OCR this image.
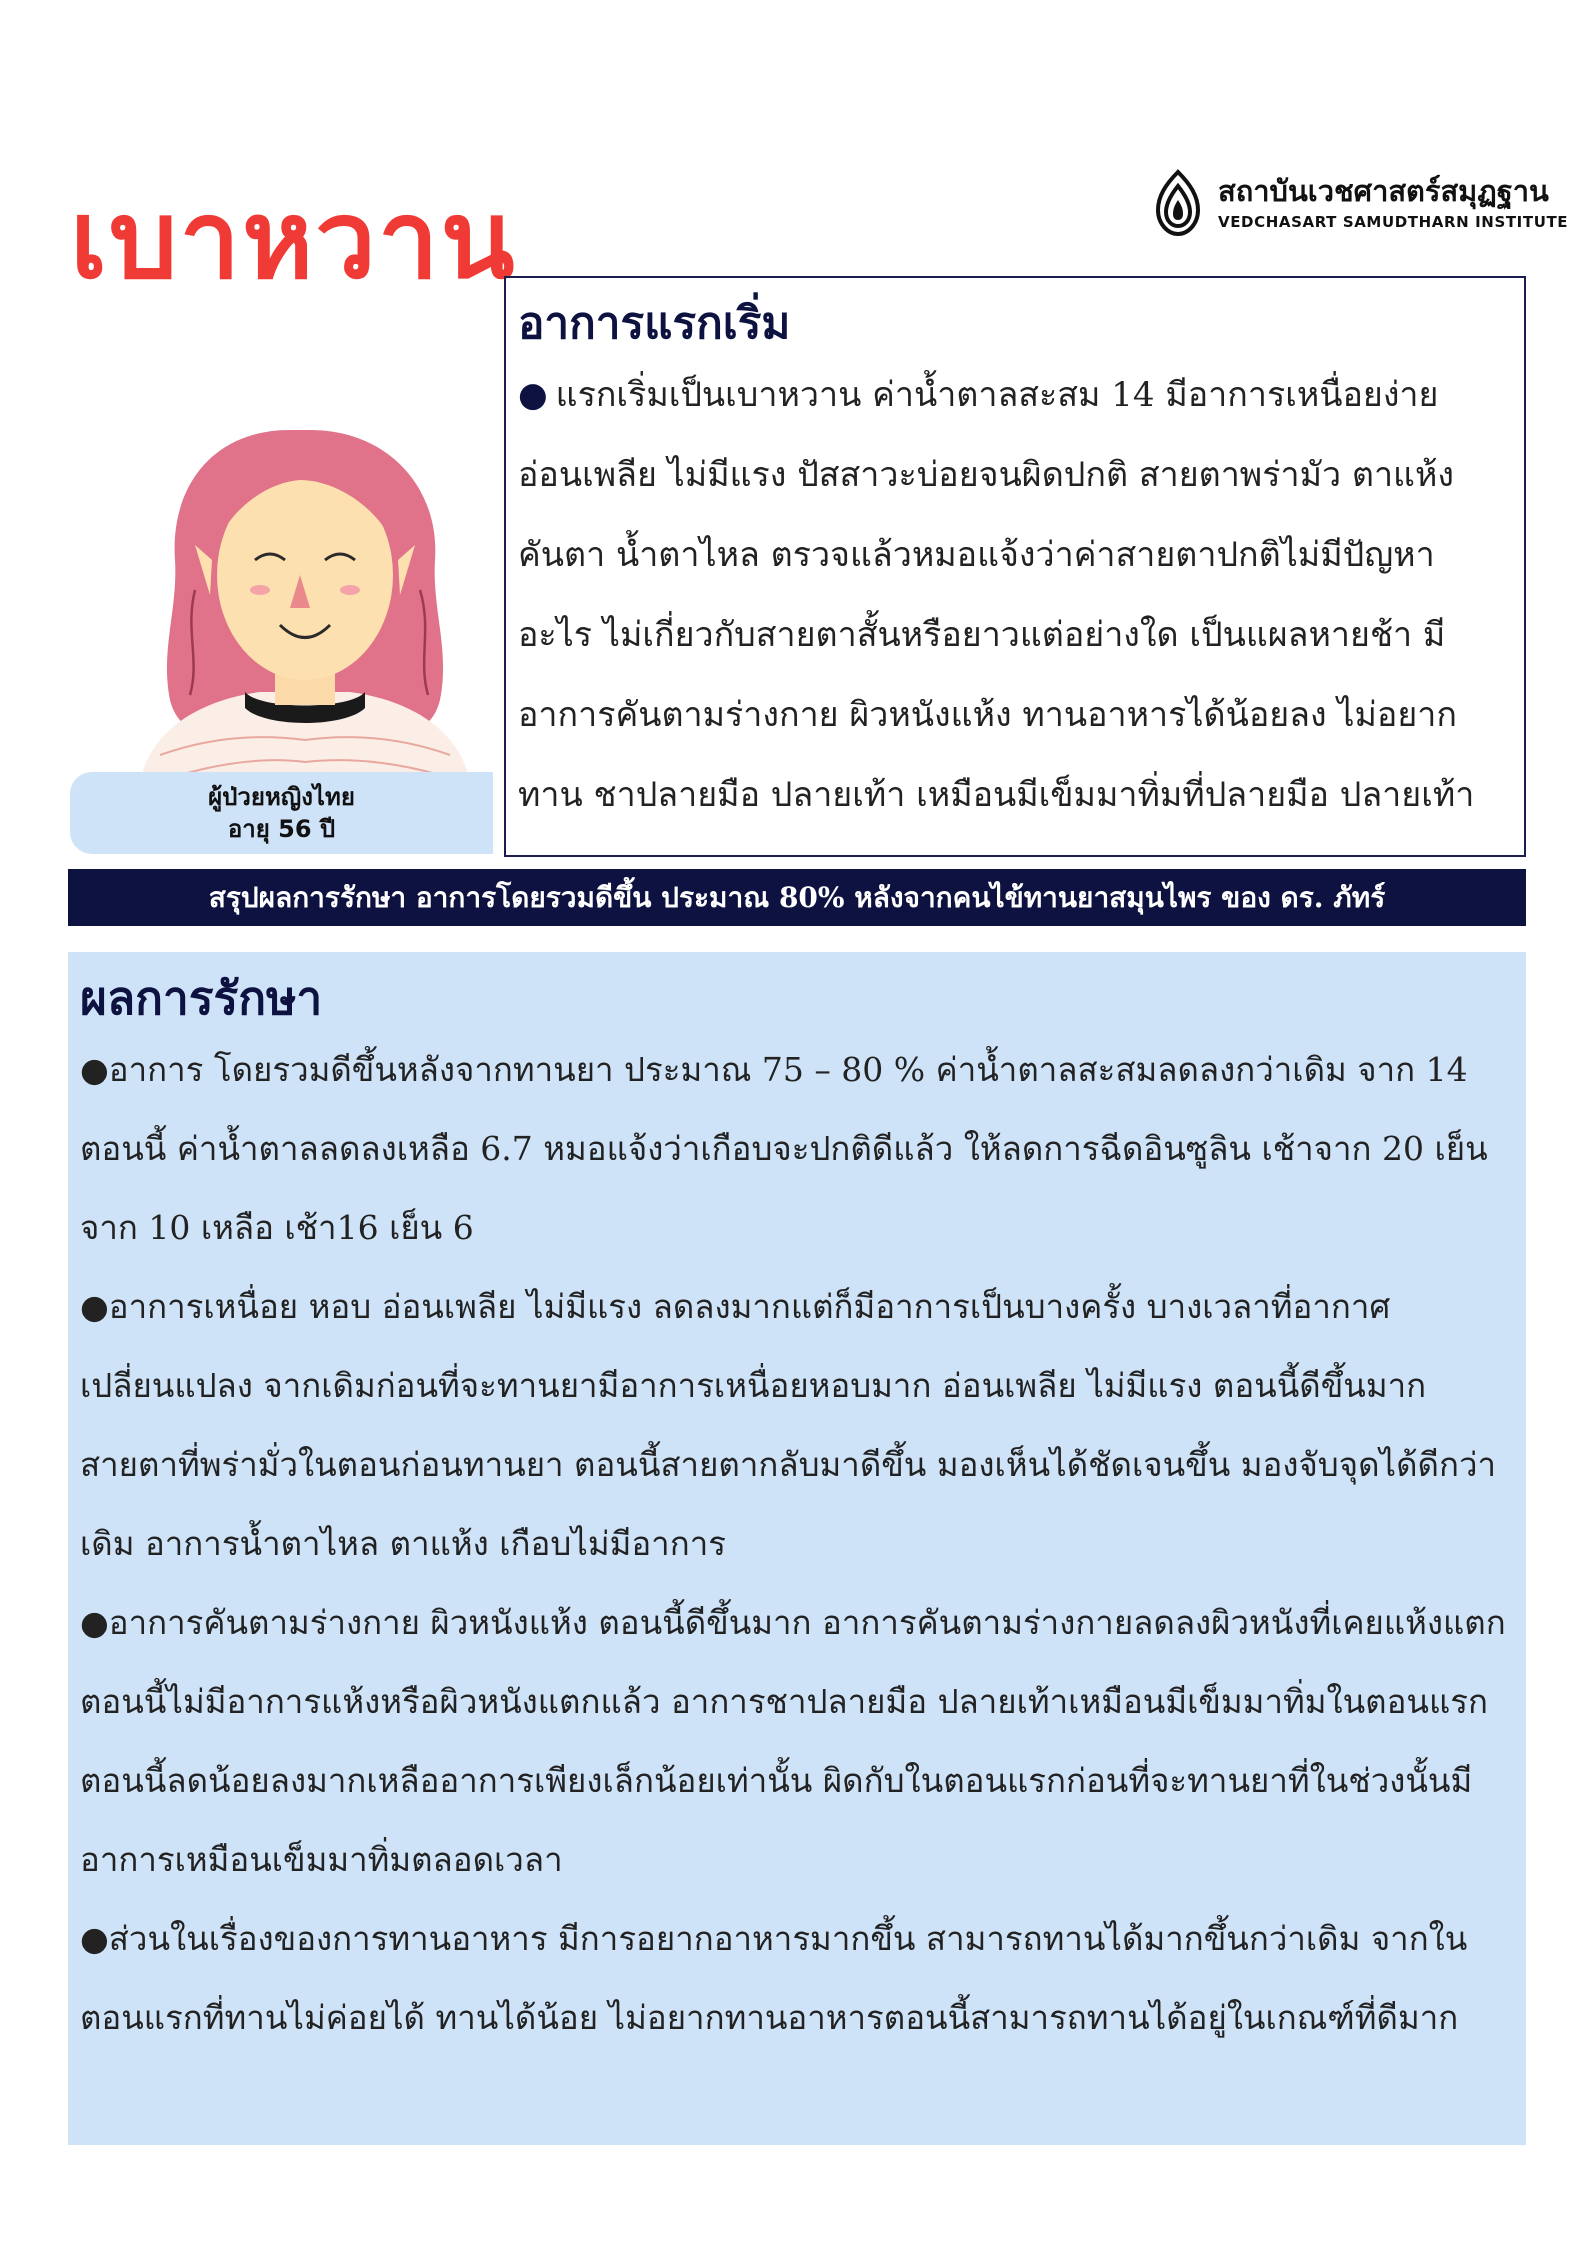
เบาหวาน	สถาบันเวชศาสตร์สมุฏฐาน
VEDCHASART SAMUDTHARN INSTITUTE
ผู้ป่วยหญิงไทย
อายุ 56 ปี
อาการแรกเริ่ม
● แรกเริ่มเป็นเบาหวาน ค่าน้ำตาลสะสม 14 มีอาการเหนื่อยง่าย อ่อนเพลีย ไม่มีแรง ปัสสาวะบ่อยจนผิดปกติ สายตาพร่ามัว ตาแห้ง คันตา น้ำตาไหล ตรวจแล้วหมอแจ้งว่าค่าสายตาปกติไม่มีปัญหาอะไร ไม่เกี่ยวกับสายตาสั้นหรือยาวแต่อย่างใด เป็นแผลหายช้า มีอาการคันตามร่างกาย ผิวหนังแห้ง ทานอาหารได้น้อยลง ไม่อยากทาน ชาปลายมือ ปลายเท้า เหมือนมีเข็มมาทิ่มที่ปลายมือ ปลายเท้า
สรุปผลการรักษา อาการโดยรวมดีขึ้น ประมาณ 80% หลังจากคนไข้ทานยาสมุนไพร ของ ดร. ภัทร์
ผลการรักษา
●อาการ โดยรวมดีขึ้นหลังจากทานยา ประมาณ 75 – 80 % ค่าน้ำตาลสะสมลดลงกว่าเดิม จาก 14 ตอนนี้ ค่าน้ำตาลลดลงเหลือ 6.7 หมอแจ้งว่าเกือบจะปกติดีแล้ว ให้ลดการฉีดอินซูลิน เช้าจาก 20 เย็นจาก 10 เหลือ เช้า16 เย็น 6
●อาการเหนื่อย หอบ อ่อนเพลีย ไม่มีแรง ลดลงมากแต่ก็มีอาการเป็นบางครั้ง บางเวลาที่อากาศเปลี่ยนแปลง จากเดิมก่อนที่จะทานยามีอาการเหนื่อยหอบมาก อ่อนเพลีย ไม่มีแรง ตอนนี้ดีขึ้นมาก สายตาที่พร่ามั่วในตอนก่อนทานยา ตอนนี้สายตากลับมาดีขึ้น มองเห็นได้ชัดเจนขึ้น มองจับจุดได้ดีกว่าเดิม อาการน้ำตาไหล ตาแห้ง เกือบไม่มีอาการ
●อาการคันตามร่างกาย ผิวหนังแห้ง ตอนนี้ดีขึ้นมาก อาการคันตามร่างกายลดลงผิวหนังที่เคยแห้งแตก ตอนนี้ไม่มีอาการแห้งหรือผิวหนังแตกแล้ว อาการชาปลายมือ ปลายเท้าเหมือนมีเข็มมาทิ่มในตอนแรก ตอนนี้ลดน้อยลงมากเหลืออาการเพียงเล็กน้อยเท่านั้น ผิดกับในตอนแรกก่อนที่จะทานยาที่ในช่วงนั้นมีอาการเหมือนเข็มมาทิ่มตลอดเวลา
●ส่วนในเรื่องของการทานอาหาร มีการอยากอาหารมากขึ้น สามารถทานได้มากขึ้นกว่าเดิม จากในตอนแรกที่ทานไม่ค่อยได้ ทานได้น้อย ไม่อยากทานอาหารตอนนี้สามารถทานได้อยู่ในเกณฑ์ที่ดีมาก
